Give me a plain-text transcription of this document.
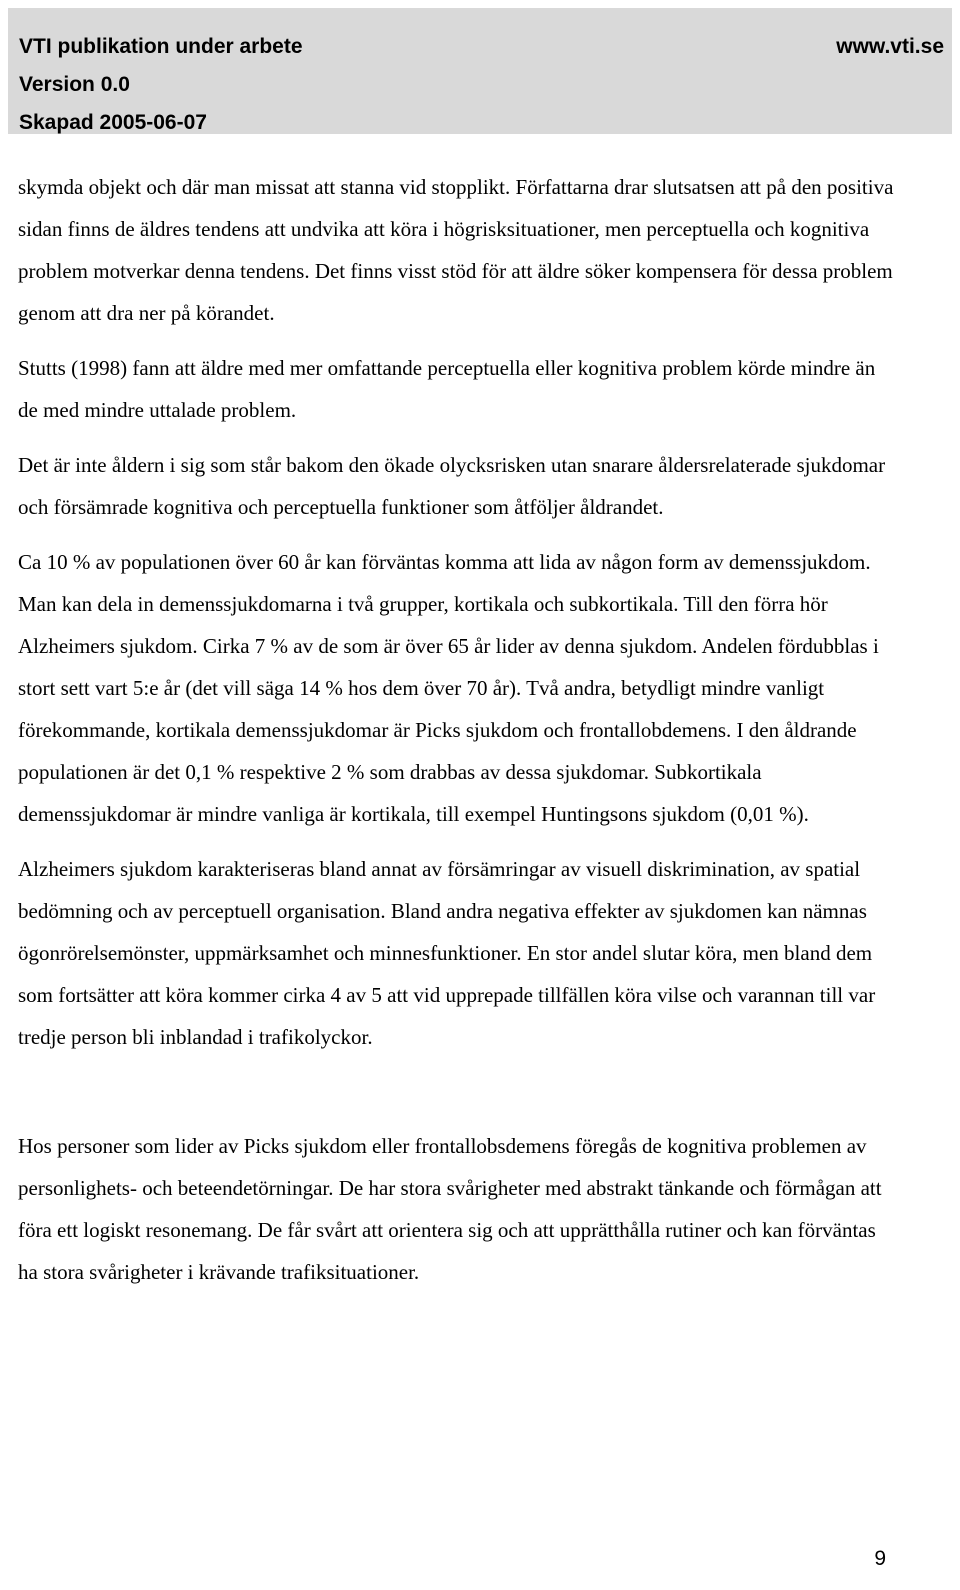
VTI publikation under arbete
Version 0.0
Skapad 2005-06-07
www.vti.se

skymda objekt och där man missat att stanna vid stopplikt. Författarna drar slutsatsen att på den positiva sidan finns de äldres tendens att undvika att köra i högrisksituationer, men perceptuella och kognitiva problem motverkar denna tendens. Det finns visst stöd för att äldre söker kompensera för dessa problem genom att dra ner på körandet.

Stutts (1998) fann att äldre med mer omfattande perceptuella eller kognitiva problem körde mindre än de med mindre uttalade problem.

Det är inte åldern i sig som står bakom den ökade olycksrisken utan snarare åldersrelaterade sjukdomar och försämrade kognitiva och perceptuella funktioner som åtföljer åldrandet.

Ca 10 % av populationen över 60 år kan förväntas komma att lida av någon form av demenssjukdom. Man kan dela in demenssjukdomarna i två grupper, kortikala och subkortikala. Till den förra hör Alzheimers sjukdom. Cirka 7 % av de som är över 65 år lider av denna sjukdom. Andelen fördubblas i stort sett vart 5:e år (det vill säga 14 % hos dem över 70 år). Två andra, betydligt mindre vanligt förekommande, kortikala demenssjukdomar är Picks sjukdom och frontallobdemens. I den åldrande populationen är det 0,1 % respektive 2 % som drabbas av dessa sjukdomar. Subkortikala demenssjukdomar är mindre vanliga är kortikala, till exempel Huntingsons sjukdom (0,01 %).

Alzheimers sjukdom karakteriseras bland annat av försämringar av visuell diskrimination, av spatial bedömning och av perceptuell organisation. Bland andra negativa effekter av sjukdomen kan nämnas ögonrörelsemönster, uppmärksamhet och minnesfunktioner. En stor andel slutar köra, men bland dem som fortsätter att köra kommer cirka 4 av 5 att vid upprepade tillfällen köra vilse och varannan till var tredje person bli inblandad i trafikolyckor.

Hos personer som lider av Picks sjukdom eller frontallobsdemens föregås de kognitiva problemen av personlighets- och beteendetörningar. De har stora svårigheter med abstrakt tänkande och förmågan att föra ett logiskt resonemang. De får svårt att orientera sig och att upprätthålla rutiner och kan förväntas ha stora svårigheter i krävande trafiksituationer.

9
